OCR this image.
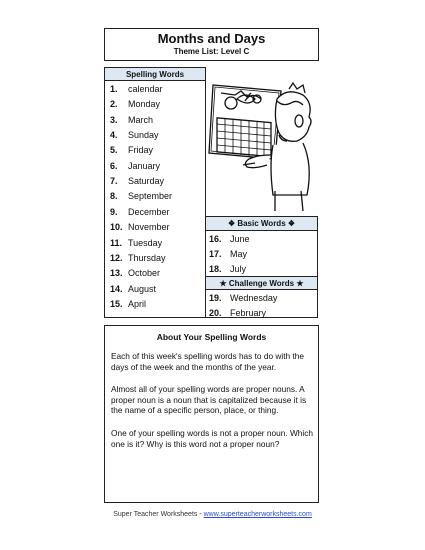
Months and Days
Theme List: Level C
Spelling Words
1. calendar
2. Monday
3. March
4. Sunday
5. Friday
6. January
7. Saturday
8. September
9. December
10. November
11. Tuesday
12. Thursday
13. October
14. August
15. April
❖ Basic Words ❖
16. June
17. May
18. July
★ Challenge Words ★
19. Wednesday
20. February
About Your Spelling Words
Each of this week's spelling words has to do with the days of the week and the months of the year.
Almost all of your spelling words are proper nouns. A proper noun is a noun that is capitalized because it is the name of a specific person, place, or thing.
One of your spelling words is not a proper noun. Which one is it? Why is this word not a proper noun?
Super Teacher Worksheets - www.superteacherworksheets.com
